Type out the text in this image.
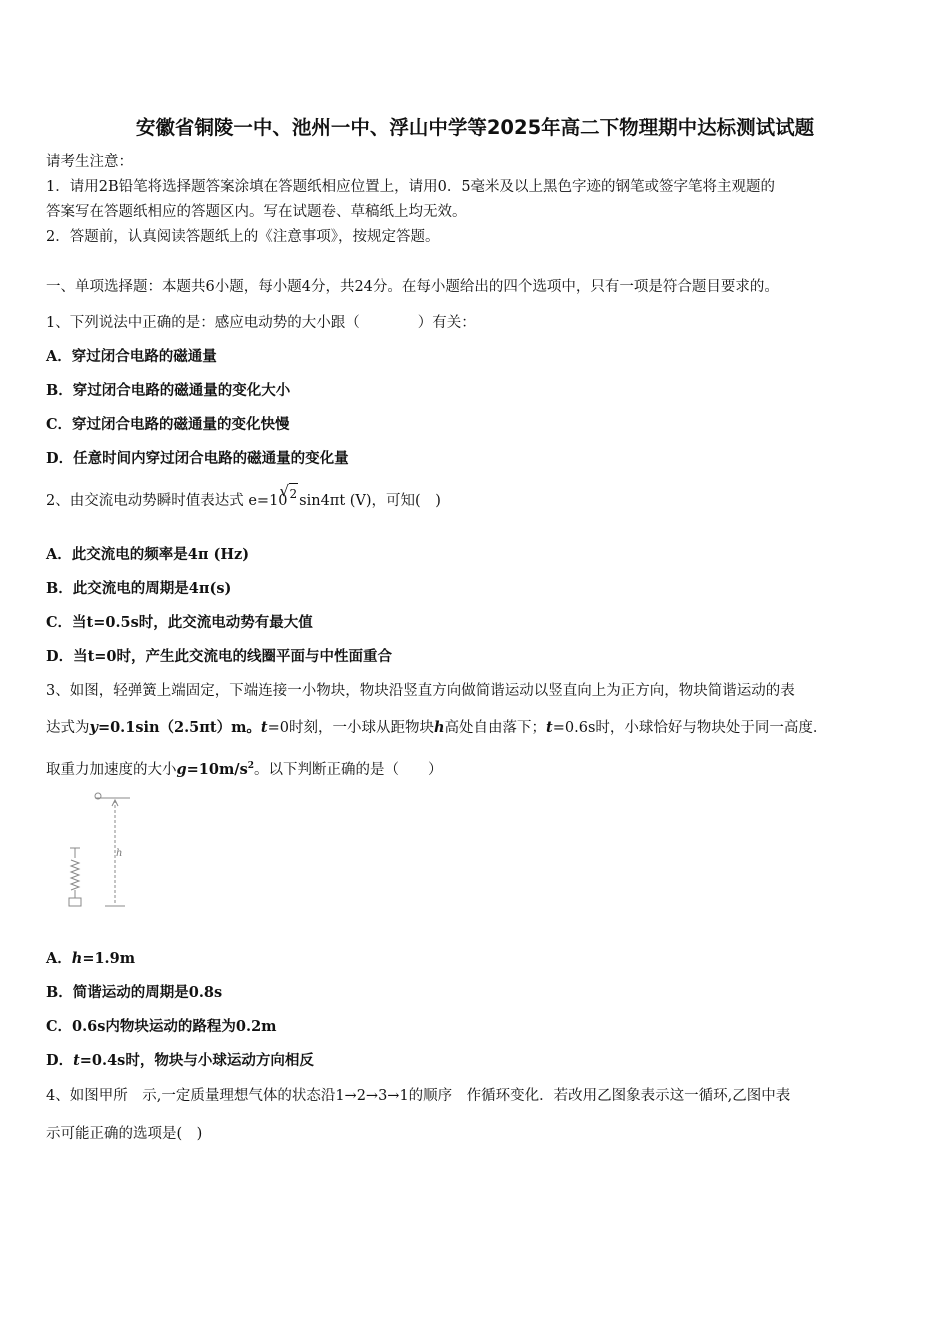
安徽省铜陵一中、池州一中、浮山中学等2025年高二下物理期中达标测试试题
请考生注意：
1．请用2B铅笔将选择题答案涂填在答题纸相应位置上，请用0．5毫米及以上黑色字迹的钢笔或签字笔将主观题的
答案写在答题纸相应的答题区内。写在试题卷、草稿纸上均无效。
2．答题前，认真阅读答题纸上的《注意事项》，按规定答题。
一、单项选择题：本题共6小题，每小题4分，共24分。在每小题给出的四个选项中，只有一项是符合题目要求的。
1、下列说法中正确的是：感应电动势的大小跟（　　　　）有关：
A．穿过闭合电路的磁通量
B．穿过闭合电路的磁通量的变化大小
C．穿过闭合电路的磁通量的变化快慢
D．任意时间内穿过闭合电路的磁通量的变化量
2、由交流电动势瞬时值表达式 e=10√ 2 sin4πt (V)，可知(　)
A．此交流电的频率是4π (Hz)
B．此交流电的周期是4π(s)
C．当t=0.5s时，此交流电动势有最大值
D．当t=0时，产生此交流电的线圈平面与中性面重合
3、如图，轻弹簧上端固定，下端连接一小物块，物块沿竖直方向做简谐运动以竖直向上为正方向，物块简谐运动的表
达式为y=0.1sin（2.5πt）m。t=0时刻，一小球从距物块h高处自由落下；t=0.6s时，小球恰好与物块处于同一高度．
取重力加速度的大小$g=10m/s^2$。以下判断正确的是（　　）
h
A．h=1.9m
B．简谐运动的周期是0.8s
C．0.6s内物块运动的路程为0.2m
D．t=0.4s时，物块与小球运动方向相反
4、如图甲所　示,一定质量理想气体的状态沿1→2→3→1的顺序　作循环变化．若改用乙图象表示这一循环,乙图中表
示可能正确的选项是(　)
